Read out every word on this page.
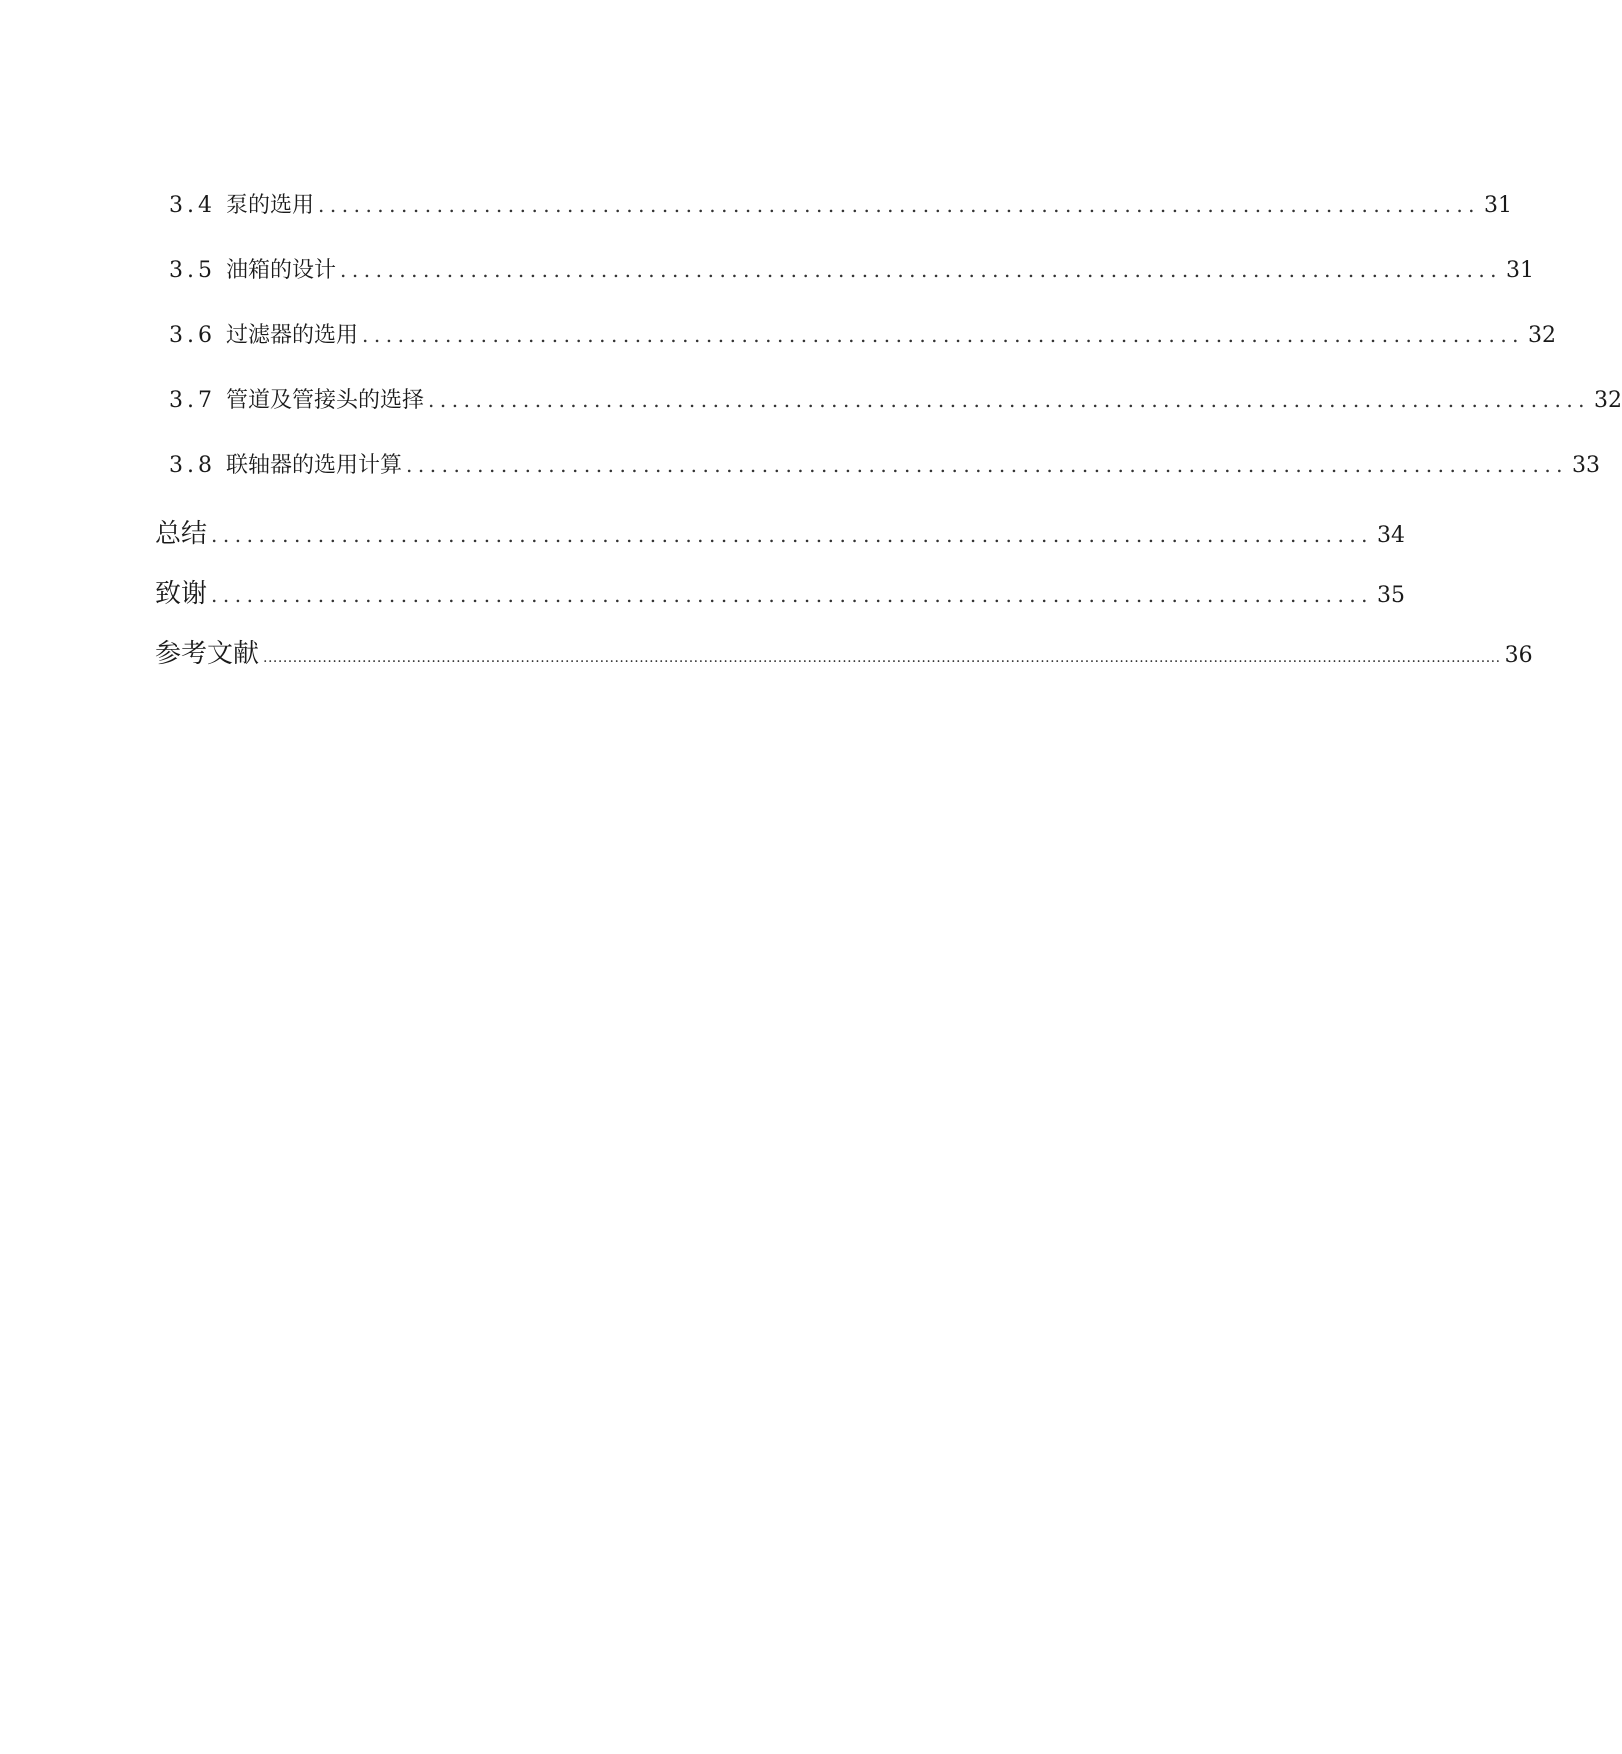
3.4 泵的选用 .................................................................................................. 31
3.5 油箱的设计 .................................................................................................. 31
3.6 过滤器的选用 .................................................................................................. 32
3.7 管道及管接头的选择 .................................................................................................. 32
3.8 联轴器的选用计算 .................................................................................................. 33
总结 .................................................................................................. 34
致谢 .................................................................................................. 35
参考文献 .......................................................................................................................................................................................................................................................... 36
